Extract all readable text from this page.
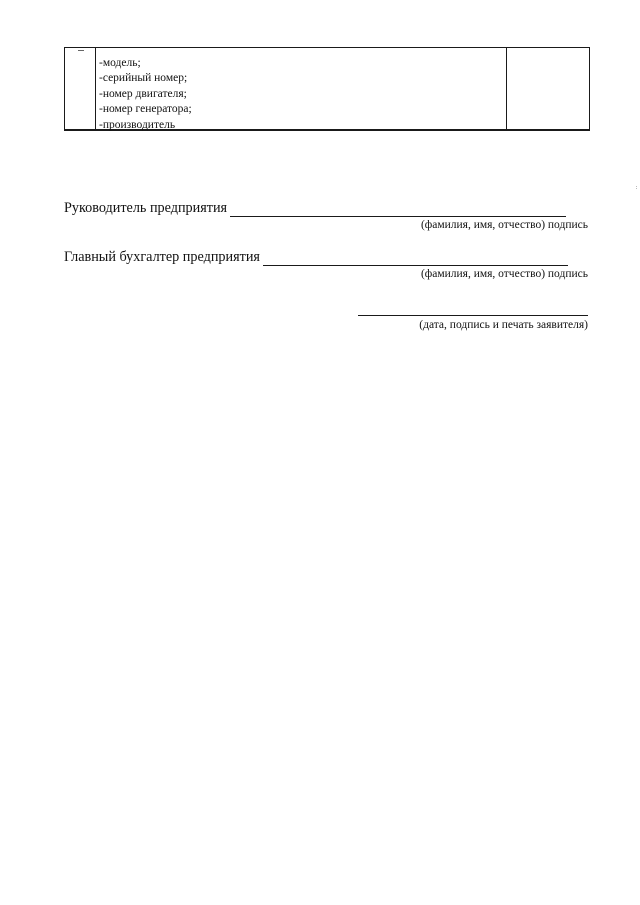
-модель;
-серийный номер;
-номер двигателя;
-номер генератора;
-производитель
Руководитель предприятия
(фамилия, имя, отчество) подпись
Главный бухгалтер предприятия
(фамилия, имя, отчество) подпись
(дата, подпись и печать заявителя)
